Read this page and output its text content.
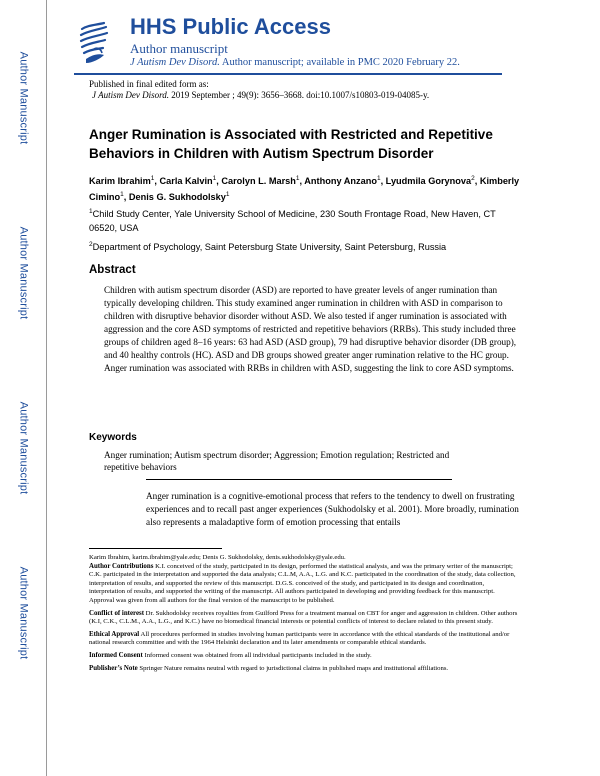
Author Manuscript
Author Manuscript
Author Manuscript
Author Manuscript
HHS Public Access
Author manuscript
J Autism Dev Disord. Author manuscript; available in PMC 2020 February 22.
Published in final edited form as:
J Autism Dev Disord. 2019 September ; 49(9): 3656–3668. doi:10.1007/s10803-019-04085-y.
Anger Rumination is Associated with Restricted and Repetitive Behaviors in Children with Autism Spectrum Disorder
Karim Ibrahim$^1$, Carla Kalvin$^1$, Carolyn L. Marsh$^1$, Anthony Anzano$^1$, Lyudmila Gorynova$^2$, Kimberly Cimino$^1$, Denis G. Sukhodolsky$^1$
$^1$Child Study Center, Yale University School of Medicine, 230 South Frontage Road, New Haven, CT 06520, USA
$^2$Department of Psychology, Saint Petersburg State University, Saint Petersburg, Russia
Abstract
Children with autism spectrum disorder (ASD) are reported to have greater levels of anger rumination than typically developing children. This study examined anger rumination in children with ASD in comparison to children with disruptive behavior disorder without ASD. We also tested if anger rumination is associated with aggression and the core ASD symptoms of restricted and repetitive behaviors (RRBs). This study included three groups of children aged 8–16 years: 63 had ASD (ASD group), 79 had disruptive behavior disorder (DB group), and 40 healthy controls (HC). ASD and DB groups showed greater anger rumination relative to the HC group. Anger rumination was associated with RRBs in children with ASD, suggesting the link to core ASD symptoms.
Keywords
Anger rumination; Autism spectrum disorder; Aggression; Emotion regulation; Restricted and repetitive behaviors
Anger rumination is a cognitive-emotional process that refers to the tendency to dwell on frustrating experiences and to recall past anger experiences (Sukhodolsky et al. 2001). More broadly, rumination also represents a maladaptive form of emotion processing that entails

Karim Ibrahim, karim.ibrahim@yale.edu; Denis G. Sukhodolsky, denis.sukhodolsky@yale.edu.

Author Contributions K.I. conceived of the study, participated in its design, performed the statistical analysis, and was the primary writer of the manuscript; C.K. participated in the interpretation and supported the data analysis; C.L.M, A.A., L.G. and K.C. participated in the coordination of the study, data collection, interpretation of results, and supported the review of this manuscript. D.G.S. conceived of the study, and participated in its design and coordination, interpretation of results, and supported the writing of the manuscript. All authors participated in developing and providing feedback for this manuscript. Approval was given from all authors for the final version of the manuscript to be published.

Conflict of interest Dr. Sukhodolsky receives royalties from Guilford Press for a treatment manual on CBT for anger and aggression in children. Other authors (K.I, C.K., C.L.M., A.A., L.G., and K.C.) have no biomedical financial interests or potential conflicts of interest to declare related to this present study.

Ethical Approval All procedures performed in studies involving human participants were in accordance with the ethical standards of the institutional and/or national research committee and with the 1964 Helsinki declaration and its later amendments or comparable ethical standards.

Informed Consent Informed consent was obtained from all individual participants included in the study.

Publisher’s Note Springer Nature remains neutral with regard to jurisdictional claims in published maps and institutional affiliations.
